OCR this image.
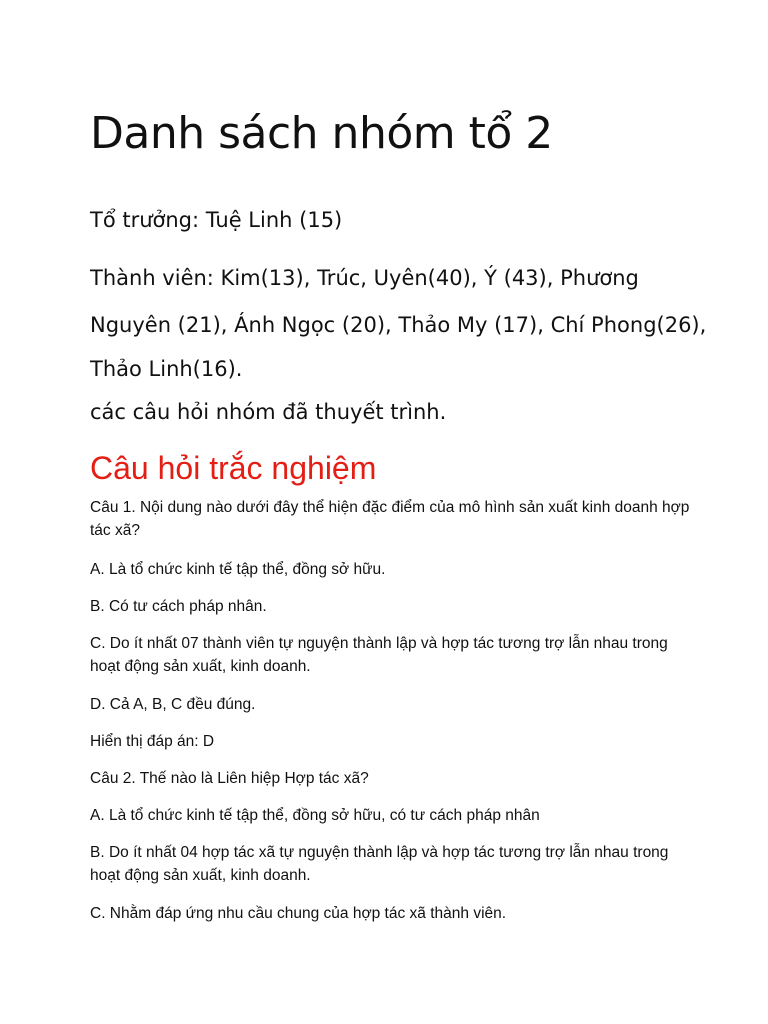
Danh sách nhóm tổ 2

Tổ trưởng: Tuệ Linh (15)

Thành viên: Kim(13), Trúc, Uyên(40), Ý (43), Phương

Nguyên (21), Ánh Ngọc (20), Thảo My (17), Chí Phong(26),

Thảo Linh(16).

các câu hỏi nhóm đã thuyết trình.

Câu hỏi trắc nghiệm

Câu 1. Nội dung nào dưới đây thể hiện đặc điểm của mô hình sản xuất kinh doanh hợp tác xã?

A. Là tổ chức kinh tế tập thể, đồng sở hữu.

B. Có tư cách pháp nhân.

C. Do ít nhất 07 thành viên tự nguyện thành lập và hợp tác tương trợ lẫn nhau trong hoạt động sản xuất, kinh doanh.

D. Cả A, B, C đều đúng.

Hiển thị đáp án: D

Câu 2. Thế nào là Liên hiệp Hợp tác xã?

A. Là tổ chức kinh tế tập thể, đồng sở hữu, có tư cách pháp nhân

B. Do ít nhất 04 hợp tác xã tự nguyện thành lập và hợp tác tương trợ lẫn nhau trong hoạt động sản xuất, kinh doanh.

C. Nhằm đáp ứng nhu cầu chung của hợp tác xã thành viên.
